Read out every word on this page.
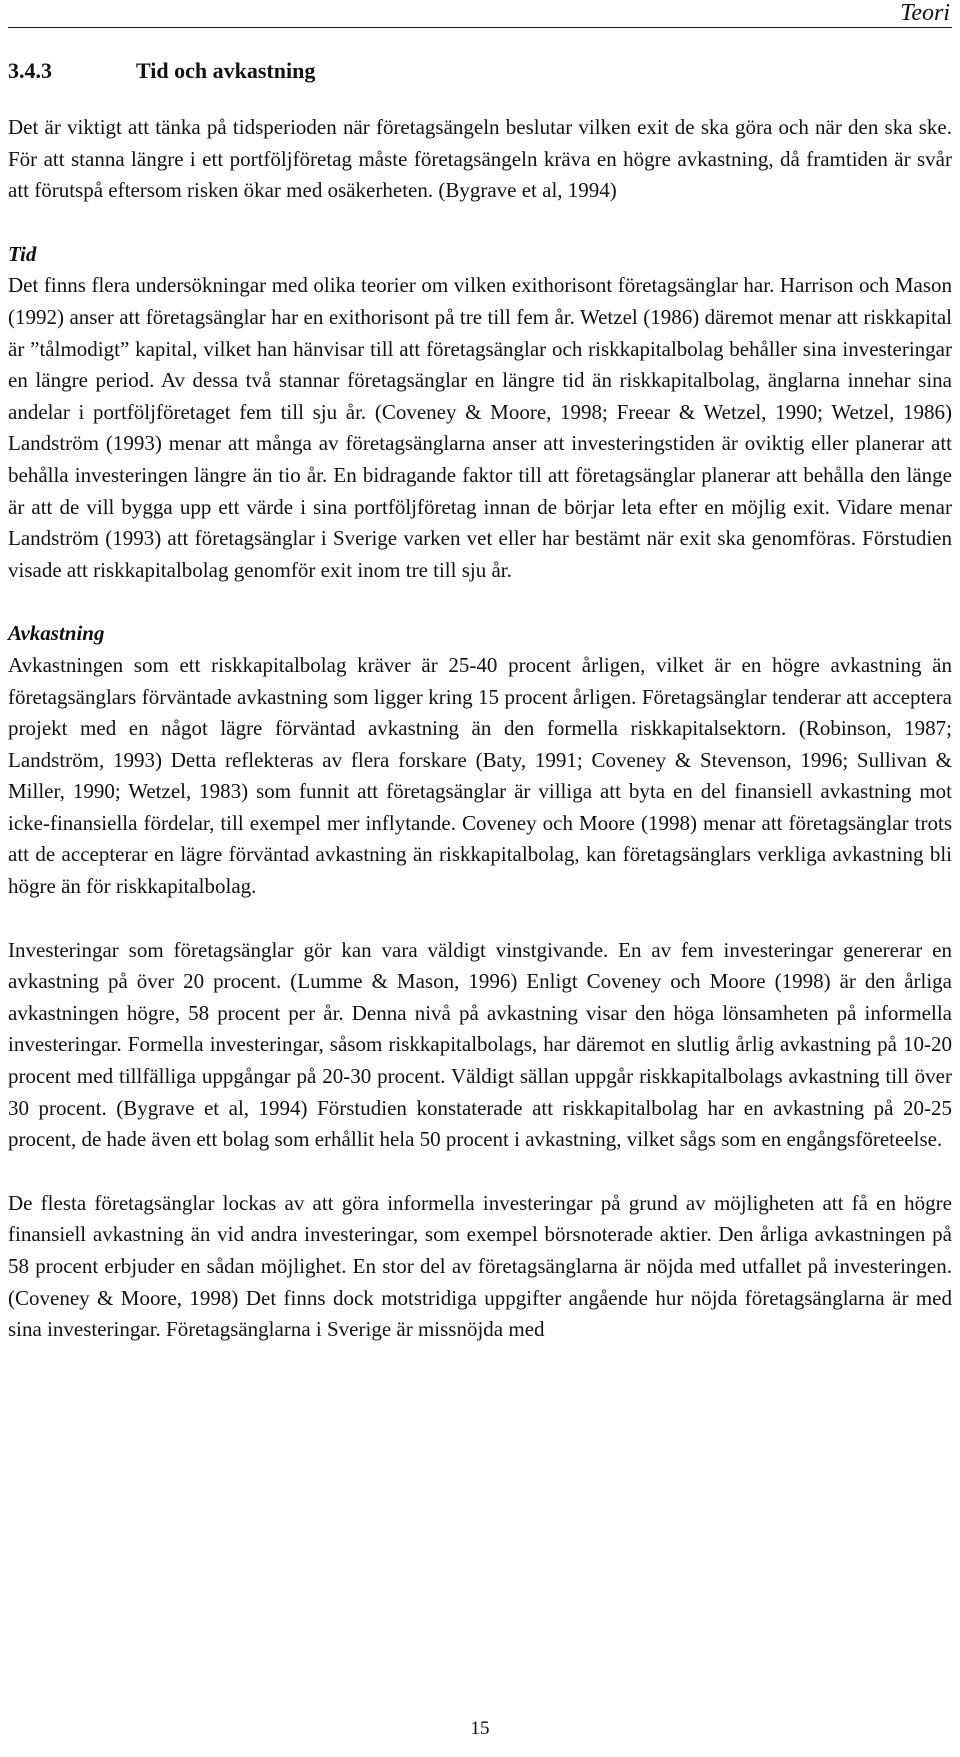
Teori
3.4.3	Tid och avkastning

Det är viktigt att tänka på tidsperioden när företagsängeln beslutar vilken exit de ska göra och när den ska ske. För att stanna längre i ett portföljföretag måste företagsängeln kräva en högre avkastning, då framtiden är svår att förutspå eftersom risken ökar med osäkerheten. (Bygrave et al, 1994)

Tid

Det finns flera undersökningar med olika teorier om vilken exithorisont företagsänglar har. Harrison och Mason (1992) anser att företagsänglar har en exithorisont på tre till fem år. Wetzel (1986) däremot menar att riskkapital är ”tålmodigt” kapital, vilket han hänvisar till att företagsänglar och riskkapitalbolag behåller sina investeringar en längre period. Av dessa två stannar företagsänglar en längre tid än riskkapitalbolag, änglarna innehar sina andelar i portföljföretaget fem till sju år. (Coveney & Moore, 1998; Freear & Wetzel, 1990; Wetzel, 1986) Landström (1993) menar att många av företagsänglarna anser att investeringstiden är oviktig eller planerar att behålla investeringen längre än tio år. En bidragande faktor till att företagsänglar planerar att behålla den länge är att de vill bygga upp ett värde i sina portföljföretag innan de börjar leta efter en möjlig exit. Vidare menar Landström (1993) att företagsänglar i Sverige varken vet eller har bestämt när exit ska genomföras. Förstudien visade att riskkapitalbolag genomför exit inom tre till sju år.

Avkastning

Avkastningen som ett riskkapitalbolag kräver är 25-40 procent årligen, vilket är en högre avkastning än företagsänglars förväntade avkastning som ligger kring 15 procent årligen. Företagsänglar tenderar att acceptera projekt med en något lägre förväntad avkastning än den formella riskkapitalsektorn. (Robinson, 1987; Landström, 1993) Detta reflekteras av flera forskare (Baty, 1991; Coveney & Stevenson, 1996; Sullivan & Miller, 1990; Wetzel, 1983) som funnit att företagsänglar är villiga att byta en del finansiell avkastning mot icke-finansiella fördelar, till exempel mer inflytande. Coveney och Moore (1998) menar att företagsänglar trots att de accepterar en lägre förväntad avkastning än riskkapitalbolag, kan företagsänglars verkliga avkastning bli högre än för riskkapitalbolag.

Investeringar som företagsänglar gör kan vara väldigt vinstgivande. En av fem investeringar genererar en avkastning på över 20 procent. (Lumme & Mason, 1996) Enligt Coveney och Moore (1998) är den årliga avkastningen högre, 58 procent per år. Denna nivå på avkastning visar den höga lönsamheten på informella investeringar. Formella investeringar, såsom riskkapitalbolags, har däremot en slutlig årlig avkastning på 10-20 procent med tillfälliga uppgångar på 20-30 procent. Väldigt sällan uppgår riskkapitalbolags avkastning till över 30 procent. (Bygrave et al, 1994) Förstudien konstaterade att riskkapitalbolag har en avkastning på 20-25 procent, de hade även ett bolag som erhållit hela 50 procent i avkastning, vilket sågs som en engångsföreteelse.

De flesta företagsänglar lockas av att göra informella investeringar på grund av möjligheten att få en högre finansiell avkastning än vid andra investeringar, som exempel börsnoterade aktier. Den årliga avkastningen på 58 procent erbjuder en sådan möjlighet. En stor del av företagsänglarna är nöjda med utfallet på investeringen. (Coveney & Moore, 1998) Det finns dock motstridiga uppgifter angående hur nöjda företagsänglarna är med sina investeringar. Företagsänglarna i Sverige är missnöjda med

15
